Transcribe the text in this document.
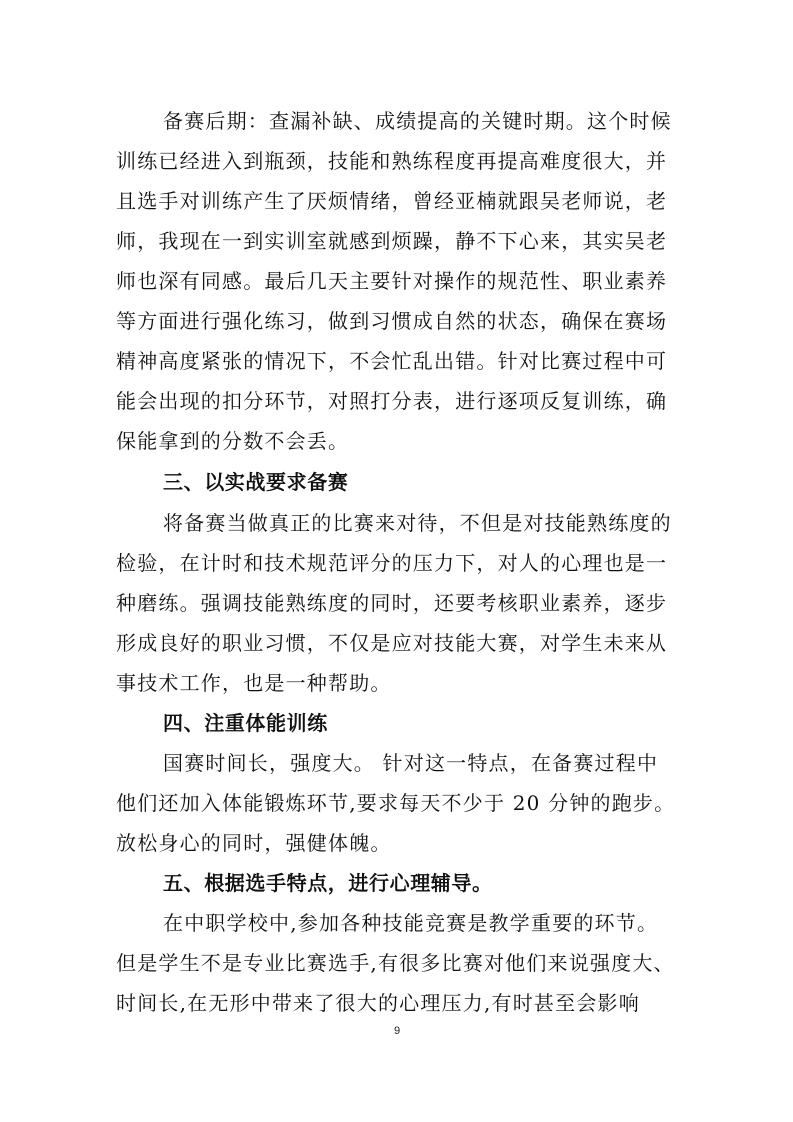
备赛后期：查漏补缺、成绩提高的关键时期。这个时候
训练已经进入到瓶颈，技能和熟练程度再提高难度很大，并
且选手对训练产生了厌烦情绪，曾经亚楠就跟吴老师说，老
师，我现在一到实训室就感到烦躁，静不下心来，其实吴老
师也深有同感。最后几天主要针对操作的规范性、职业素养
等方面进行强化练习，做到习惯成自然的状态，确保在赛场
精神高度紧张的情况下，不会忙乱出错。针对比赛过程中可
能会出现的扣分环节，对照打分表，进行逐项反复训练，确
保能拿到的分数不会丢。
三、以实战要求备赛
将备赛当做真正的比赛来对待，不但是对技能熟练度的
检验，在计时和技术规范评分的压力下，对人的心理也是一
种磨练。强调技能熟练度的同时，还要考核职业素养，逐步
形成良好的职业习惯，不仅是应对技能大赛，对学生未来从
事技术工作，也是一种帮助。
四、注重体能训练
国赛时间长，强度大。 针对这一特点，在备赛过程中
他们还加入体能锻炼环节,要求每天不少于 20 分钟的跑步。
放松身心的同时，强健体魄。
五、根据选手特点，进行心理辅导。
在中职学校中,参加各种技能竞赛是教学重要的环节。
但是学生不是专业比赛选手,有很多比赛对他们来说强度大、
时间长,在无形中带来了很大的心理压力,有时甚至会影响
9
